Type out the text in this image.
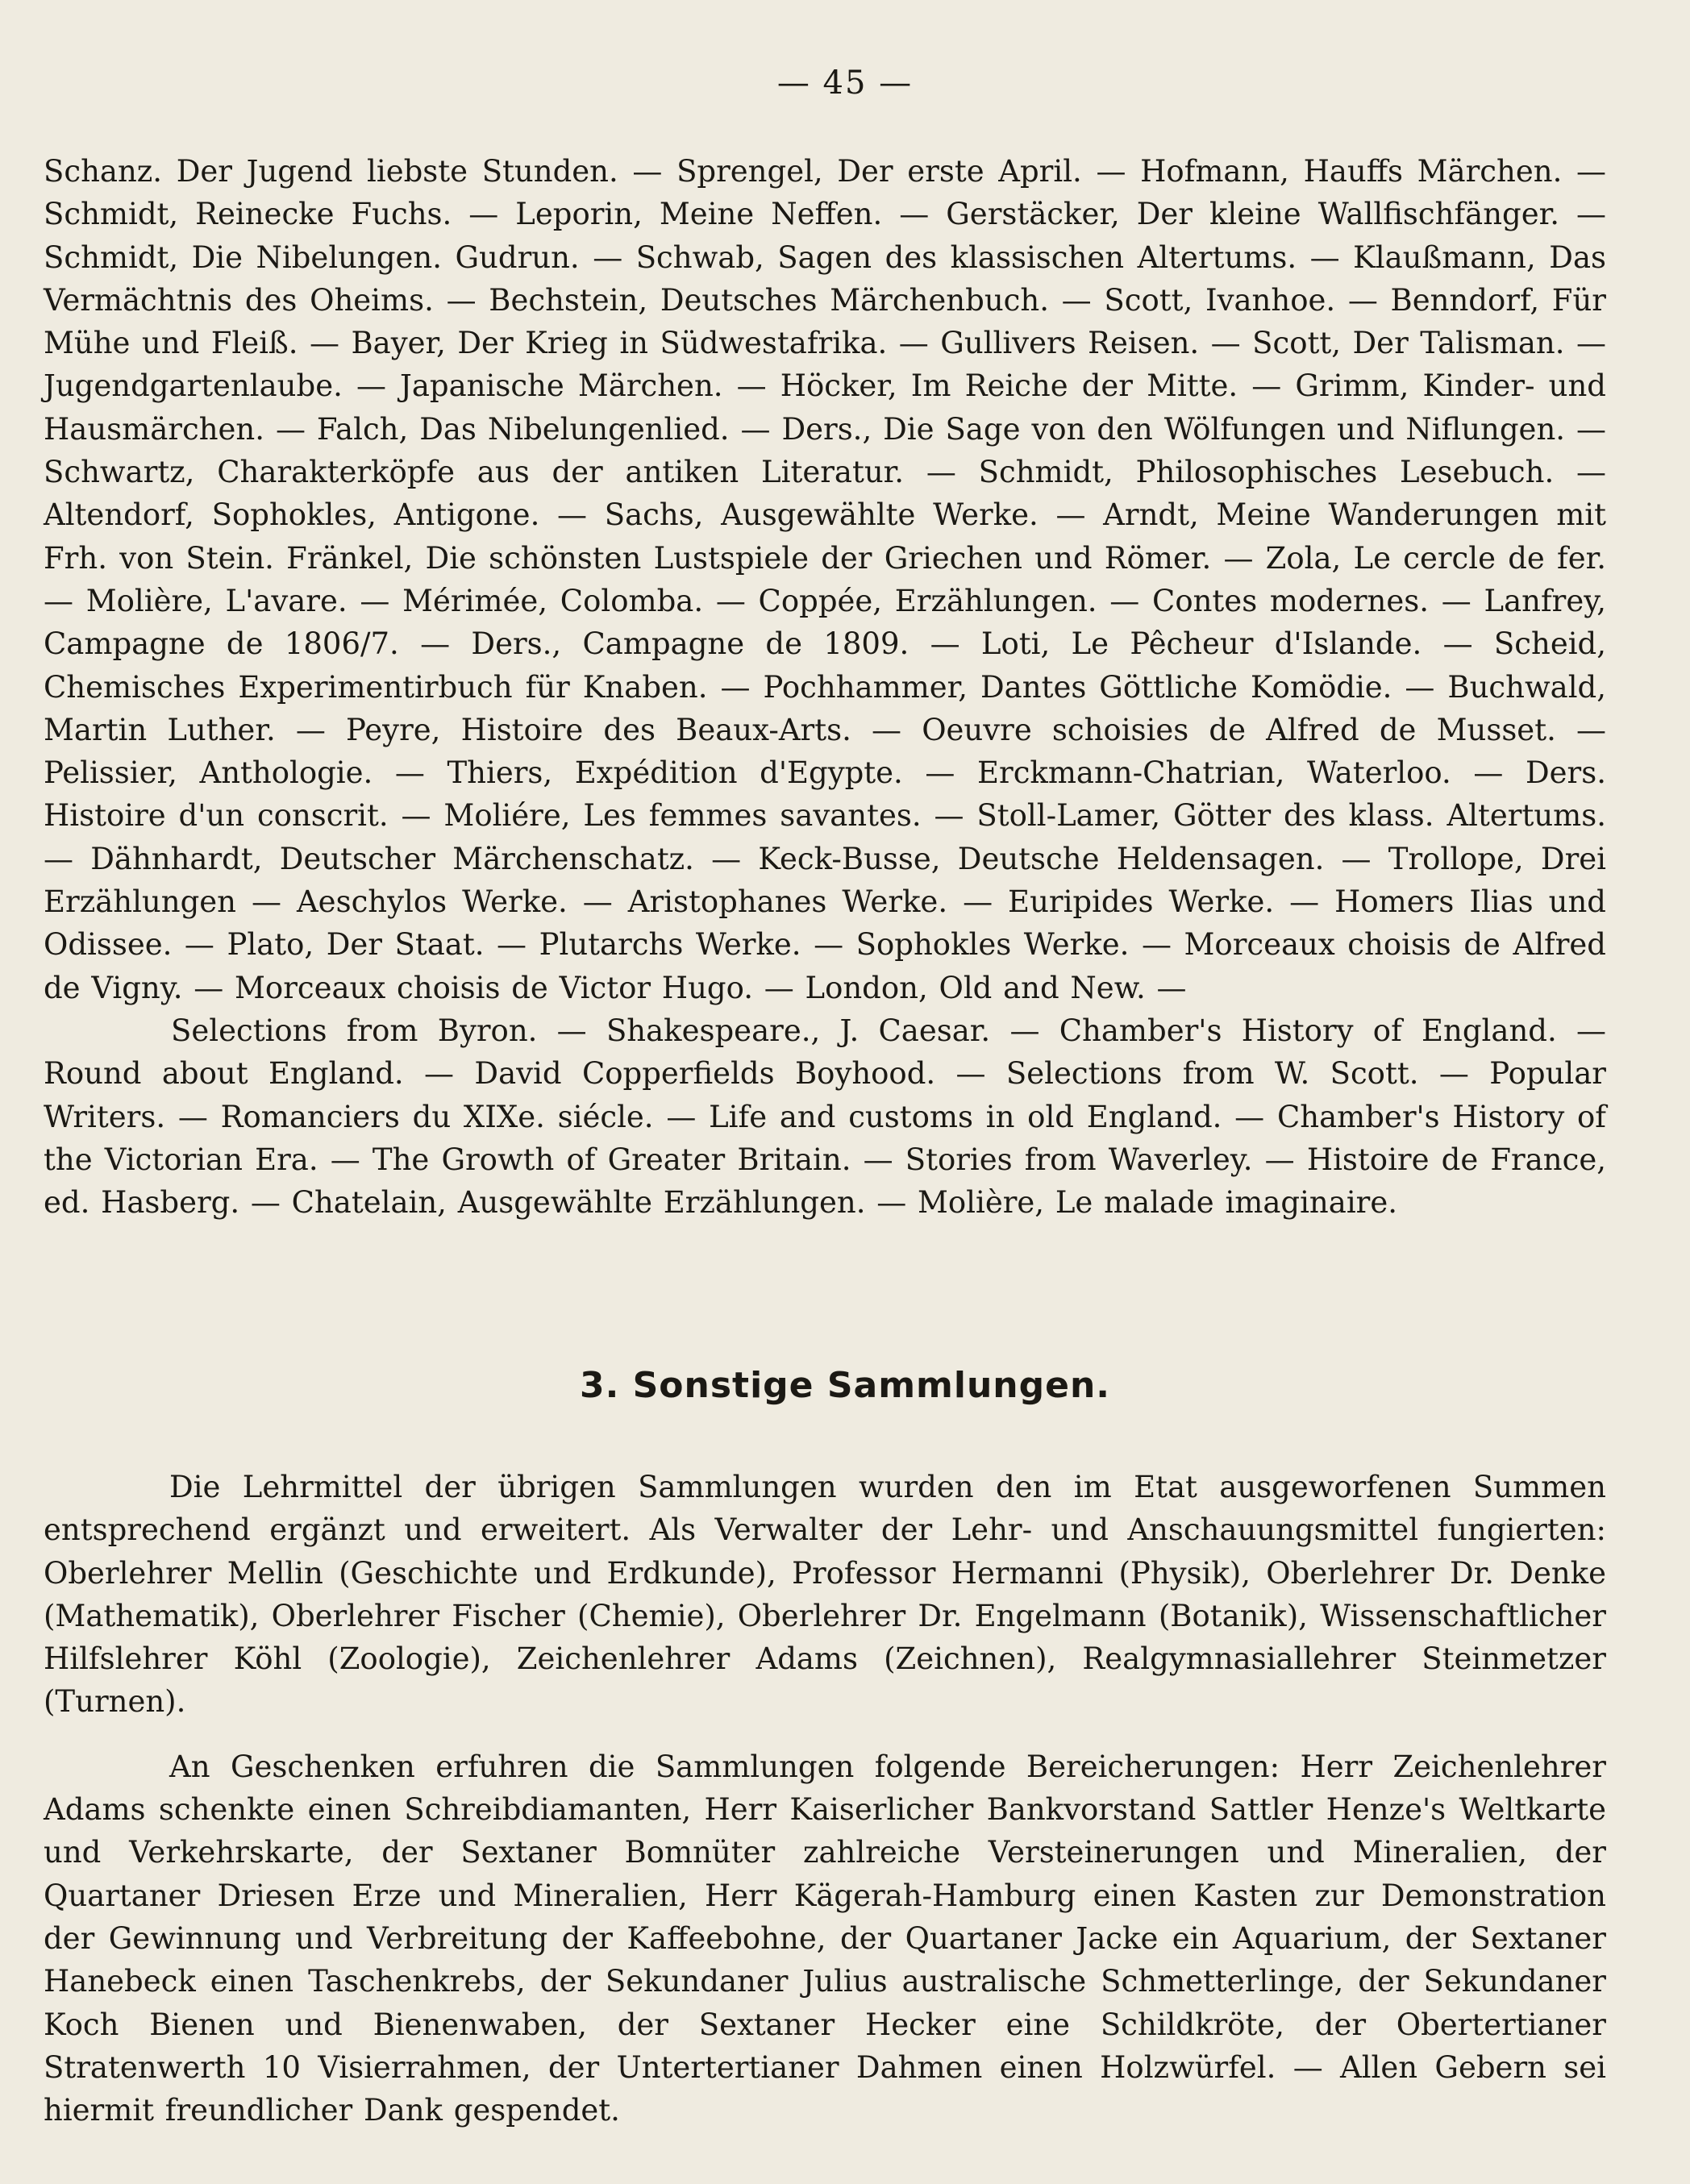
— 45 —

Schanz. Der Jugend liebste Stunden. — Sprengel, Der erste April. — Hofmann, Hauffs Märchen. — Schmidt, Reinecke Fuchs. — Leporin, Meine Neffen. — Gerstäcker, Der kleine Wallfischfänger. — Schmidt, Die Nibelungen. Gudrun. — Schwab, Sagen des klassischen Altertums. — Klaußmann, Das Vermächtnis des Oheims. — Bechstein, Deutsches Märchenbuch. — Scott, Ivanhoe. — Benndorf, Für Mühe und Fleiß. — Bayer, Der Krieg in Südwestafrika. — Gullivers Reisen. — Scott, Der Talisman. — Jugendgartenlaube. — Japanische Märchen. — Höcker, Im Reiche der Mitte. — Grimm, Kinder- und Hausmärchen. — Falch, Das Nibelungenlied. — Ders., Die Sage von den Wölfungen und Niflungen. — Schwartz, Charakterköpfe aus der antiken Literatur. — Schmidt, Philosophisches Lesebuch. — Altendorf, Sophokles, Antigone. — Sachs, Ausgewählte Werke. — Arndt, Meine Wanderungen mit Frh. von Stein. Fränkel, Die schönsten Lustspiele der Griechen und Römer. — Zola, Le cercle de fer. — Molière, L'avare. — Mérimée, Colomba. — Coppée, Erzählungen. — Contes modernes. — Lanfrey, Campagne de 1806/7. — Ders., Campagne de 1809. — Loti, Le Pêcheur d'Islande. — Scheid, Chemisches Experimentirbuch für Knaben. — Pochhammer, Dantes Göttliche Komödie. — Buchwald, Martin Luther. — Peyre, Histoire des Beaux-Arts. — Oeuvre schoisies de Alfred de Musset. — Pelissier, Anthologie. — Thiers, Expédition d'Egypte. — Erckmann-Chatrian, Waterloo. — Ders. Histoire d'un conscrit. — Moliére, Les femmes savantes. — Stoll-Lamer, Götter des klass. Altertums. — Dähnhardt, Deutscher Märchenschatz. — Keck-Busse, Deutsche Heldensagen. — Trollope, Drei Erzählungen — Aeschylos Werke. — Aristophanes Werke. — Euripides Werke. — Homers Ilias und Odissee. — Plato, Der Staat. — Plutarchs Werke. — Sophokles Werke. — Morceaux choisis de Alfred de Vigny. — Morceaux choisis de Victor Hugo. — London, Old and New. —

Selections from Byron. — Shakespeare., J. Caesar. — Chamber's History of England. — Round about England. — David Copperfields Boyhood. — Selections from W. Scott. — Popular Writers. — Romanciers du XIXe. siécle. — Life and customs in old England. — Chamber's History of the Victorian Era. — The Growth of Greater Britain. — Stories from Waverley. — Histoire de France, ed. Hasberg. — Chatelain, Ausgewählte Erzählungen. — Molière, Le malade imaginaire.

3. Sonstige Sammlungen.

Die Lehrmittel der übrigen Sammlungen wurden den im Etat ausgeworfenen Summen entsprechend ergänzt und erweitert. Als Verwalter der Lehr- und Anschauungsmittel fungierten: Oberlehrer Mellin (Geschichte und Erdkunde), Professor Hermanni (Physik), Oberlehrer Dr. Denke (Mathematik), Oberlehrer Fischer (Chemie), Oberlehrer Dr. Engelmann (Botanik), Wissenschaftlicher Hilfslehrer Köhl (Zoologie), Zeichenlehrer Adams (Zeichnen), Realgymnasiallehrer Steinmetzer (Turnen).

An Geschenken erfuhren die Sammlungen folgende Bereicherungen: Herr Zeichenlehrer Adams schenkte einen Schreibdiamanten, Herr Kaiserlicher Bankvorstand Sattler Henze's Weltkarte und Verkehrskarte, der Sextaner Bomnüter zahlreiche Versteinerungen und Mineralien, der Quartaner Driesen Erze und Mineralien, Herr Kägerah-Hamburg einen Kasten zur Demonstration der Gewinnung und Verbreitung der Kaffeebohne, der Quartaner Jacke ein Aquarium, der Sextaner Hanebeck einen Taschenkrebs, der Sekundaner Julius australische Schmetterlinge, der Sekundaner Koch Bienen und Bienenwaben, der Sextaner Hecker eine Schildkröte, der Obertertianer Stratenwerth 10 Visierrahmen, der Untertertianer Dahmen einen Holzwürfel. — Allen Gebern sei hiermit freundlicher Dank gespendet.
